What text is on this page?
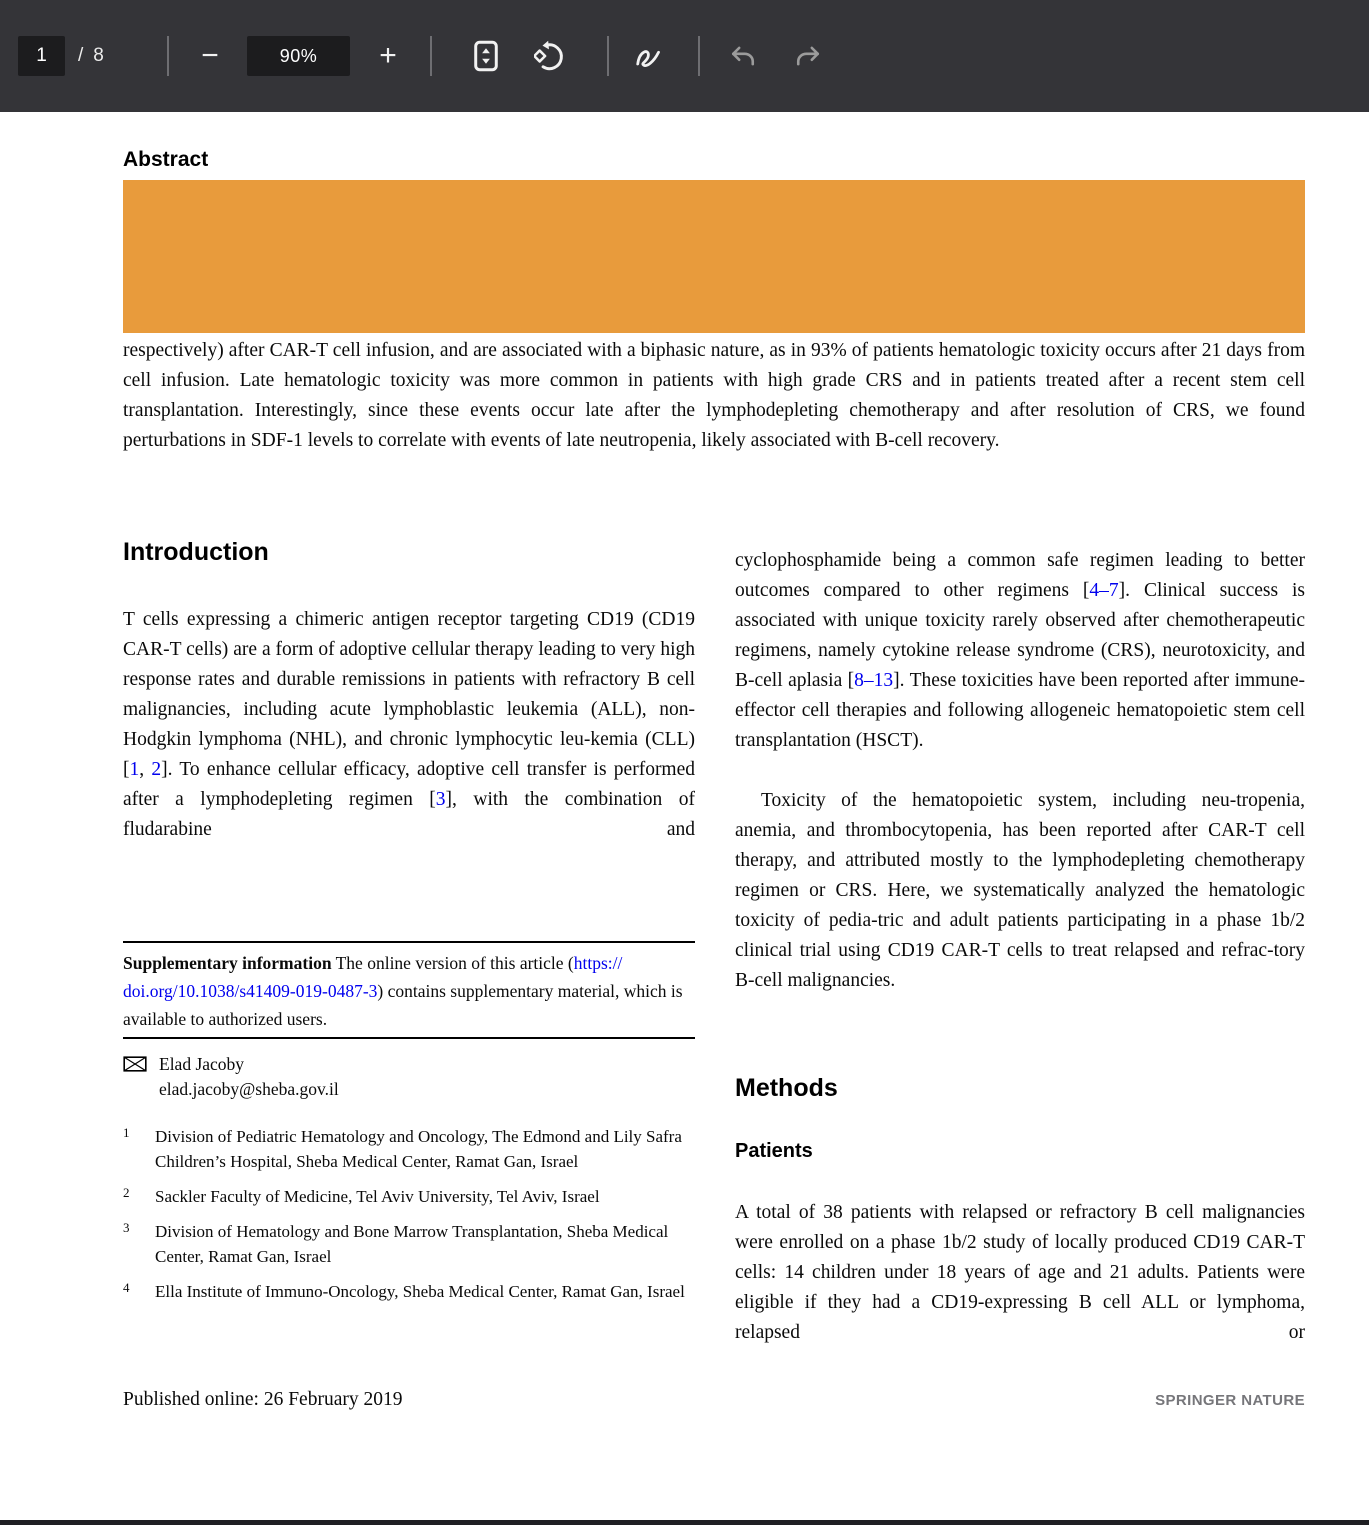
1 / 8	−	90% +
Abstract

respectively) after CAR-T cell infusion, and are associated with a biphasic nature, as in 93% of patients hematologic toxicity occurs after 21 days from cell infusion. Late hematologic toxicity was more common in patients with high grade CRS and in patients treated after a recent stem cell transplantation. Interestingly, since these events occur late after the lymphodepleting chemotherapy and after resolution of CRS, we found perturbations in SDF-1 levels to correlate with events of late neutropenia, likely associated with B-cell recovery.

Introduction

T cells expressing a chimeric antigen receptor targeting CD19 (CD19 CAR-T cells) are a form of adoptive cellular therapy leading to very high response rates and durable remissions in patients with refractory B cell malignancies, including acute lymphoblastic leukemia (ALL), non-Hodgkin lymphoma (NHL), and chronic lymphocytic leu-kemia (CLL) [1, 2]. To enhance cellular efficacy, adoptive cell transfer is performed after a lymphodepleting regimen [3], with the combination of fludarabine and

Supplementary information The online version of this article (https://doi.org/10.1038/s41409-019-0487-3) contains supplementary material, which is available to authorized users.

Elad Jacoby
elad.jacoby@sheba.gov.il
1	Division of Pediatric Hematology and Oncology, The Edmond and Lily Safra Children’s Hospital, Sheba Medical Center, Ramat Gan, Israel
2	Sackler Faculty of Medicine, Tel Aviv University, Tel Aviv, Israel
3	Division of Hematology and Bone Marrow Transplantation, Sheba Medical Center, Ramat Gan, Israel
4	Ella Institute of Immuno-Oncology, Sheba Medical Center, Ramat Gan, Israel

cyclophosphamide being a common safe regimen leading to better outcomes compared to other regimens [4–7]. Clinical success is associated with unique toxicity rarely observed after chemotherapeutic regimens, namely cytokine release syndrome (CRS), neurotoxicity, and B-cell aplasia [8–13]. These toxicities have been reported after immune-effector cell therapies and following allogeneic hematopoietic stem cell transplantation (HSCT).

Toxicity of the hematopoietic system, including neu-tropenia, anemia, and thrombocytopenia, has been reported after CAR-T cell therapy, and attributed mostly to the lymphodepleting chemotherapy regimen or CRS. Here, we systematically analyzed the hematologic toxicity of pedia-tric and adult patients participating in a phase 1b/2 clinical trial using CD19 CAR-T cells to treat relapsed and refrac-tory B-cell malignancies.

Methods
Patients

A total of 38 patients with relapsed or refractory B cell malignancies were enrolled on a phase 1b/2 study of locally produced CD19 CAR-T cells: 14 children under 18 years of age and 21 adults. Patients were eligible if they had a CD19-expressing B cell ALL or lymphoma, relapsed or

Published online: 26 February 2019	SPRINGER NATURE
